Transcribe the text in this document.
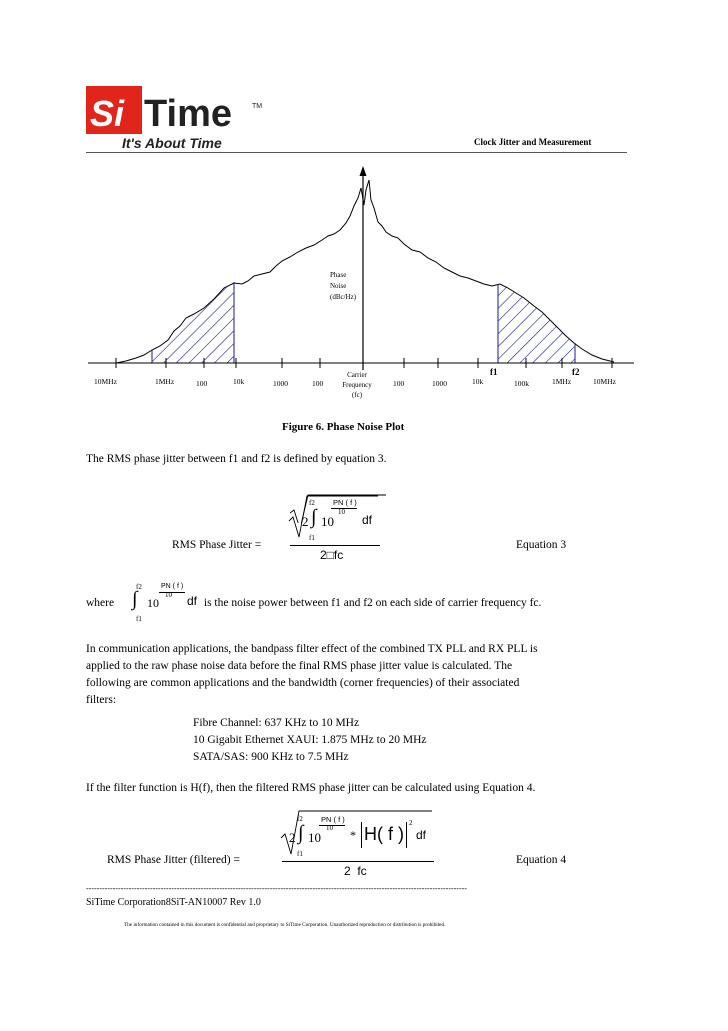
Si Time	TM
It's About Time	Clock Jitter and Measurement
Phase
Noise
(dBc/Hz)
Carrier
Frequency
(fc)
f1	f2
10MHz	1MHz	100	10k	1000	100	100	1000	10k	100k	1MHz	10MHz
Figure 6. Phase Noise Plot
The RMS phase jitter between f1 and f2 is defined by equation 3.
f2 PN ( f )
10
2 ∫ 10 df
f1
2□fc
RMS Phase Jitter =	Equation 3
where
f2
∫
f1
10
PN ( f )
10 df is the noise power between f1 and f2 on each side of carrier frequency fc.
In communication applications, the bandpass filter effect of the combined TX PLL and RX PLL is
applied to the raw phase noise data before the final RMS phase jitter value is calculated. The
following are common applications and the bandwidth (corner frequencies) of their associated
filters:
Fibre Channel: 637 KHz to 10 MHz
10 Gigabit Ethernet XAUI: 1.875 MHz to 20 MHz
SATA/SAS: 900 KHz to 7.5 MHz
If the filter function is H(f), then the filtered RMS phase jitter can be calculated using Equation 4.
f2 PN ( f )
10
2 ∫ 10 * H( f )
2
df
f1
2  fc
RMS Phase Jitter (filtered) =	Equation 4
-----------------------------------------------------------------------------------------------------------------------------------------------
SiTime Corporation8SiT-AN10007 Rev 1.0
The information contained in this document is confidential and proprietary to SiTime Corporation. Unauthorized reproduction or distribution is prohibited.
